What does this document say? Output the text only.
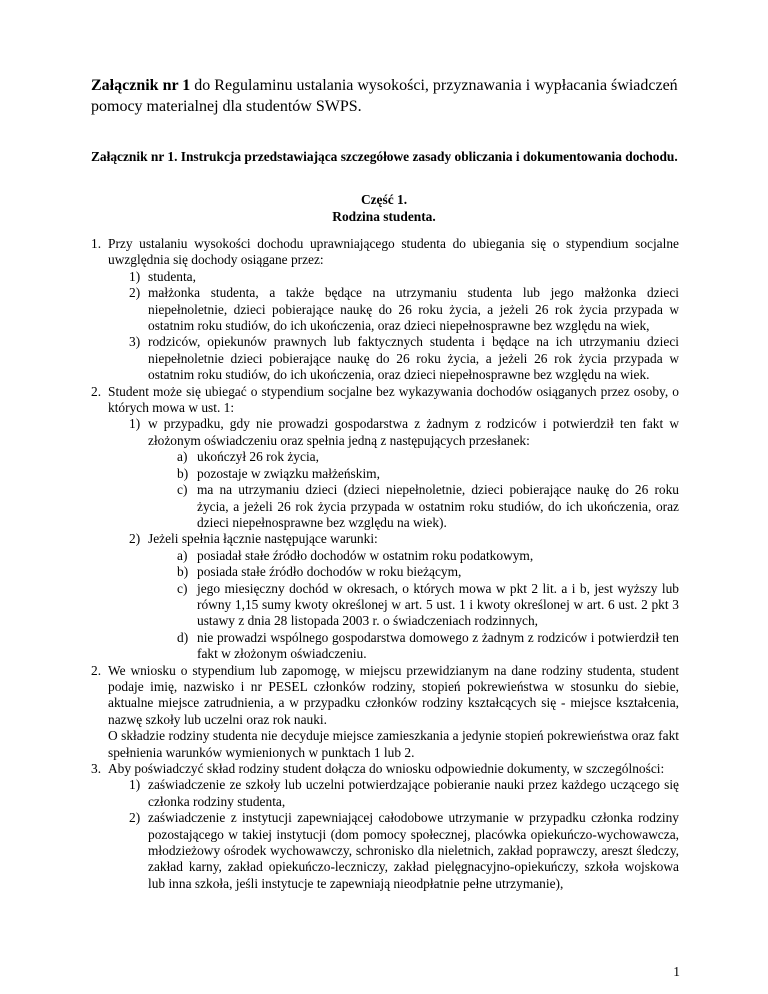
Załącznik nr 1 do Regulaminu ustalania wysokości, przyznawania i wypłacania świadczeń pomocy materialnej dla studentów SWPS.
Załącznik nr 1. Instrukcja przedstawiająca szczegółowe zasady obliczania i dokumentowania dochodu.
Część 1.
Rodzina studenta.
1. Przy ustalaniu wysokości dochodu uprawniającego studenta do ubiegania się o stypendium socjalne uwzględnia się dochody osiągane przez:
1) studenta,
2) małżonka studenta, a także będące na utrzymaniu studenta lub jego małżonka dzieci niepełnoletnie, dzieci pobierające naukę do 26 roku życia, a jeżeli 26 rok życia przypada w ostatnim roku studiów, do ich ukończenia, oraz dzieci niepełnosprawne bez względu na wiek,
3) rodziców, opiekunów prawnych lub faktycznych studenta i będące na ich utrzymaniu dzieci niepełnoletnie dzieci pobierające naukę do 26 roku życia, a jeżeli 26 rok życia przypada w ostatnim roku studiów, do ich ukończenia, oraz dzieci niepełnosprawne bez względu na wiek.
2. Student może się ubiegać o stypendium socjalne bez wykazywania dochodów osiąganych przez osoby, o których mowa w ust. 1:
1) w przypadku, gdy nie prowadzi gospodarstwa z żadnym z rodziców i potwierdził ten fakt w złożonym oświadczeniu oraz spełnia jedną z następujących przesłanek:
a) ukończył 26 rok życia,
b) pozostaje w związku małżeńskim,
c) ma na utrzymaniu dzieci (dzieci niepełnoletnie, dzieci pobierające naukę do 26 roku życia, a jeżeli 26 rok życia przypada w ostatnim roku studiów, do ich ukończenia, oraz dzieci niepełnosprawne bez względu na wiek).
2) Jeżeli spełnia łącznie następujące warunki:
a) posiadał stałe źródło dochodów w ostatnim roku podatkowym,
b) posiada stałe źródło dochodów w roku bieżącym,
c) jego miesięczny dochód w okresach, o których mowa w pkt 2 lit. a i b, jest wyższy lub równy 1,15 sumy kwoty określonej w art. 5 ust. 1 i kwoty określonej w art. 6 ust. 2 pkt 3 ustawy z dnia 28 listopada 2003 r. o świadczeniach rodzinnych,
d) nie prowadzi wspólnego gospodarstwa domowego z żadnym z rodziców i potwierdził ten fakt w złożonym oświadczeniu.
2. We wniosku o stypendium lub zapomogę, w miejscu przewidzianym na dane rodziny studenta, student podaje imię, nazwisko i nr PESEL członków rodziny, stopień pokrewieństwa w stosunku do siebie, aktualne miejsce zatrudnienia, a w przypadku członków rodziny kształcących się - miejsce kształcenia, nazwę szkoły lub uczelni oraz rok nauki.
O składzie rodziny studenta nie decyduje miejsce zamieszkania a jedynie stopień pokrewieństwa oraz fakt spełnienia warunków wymienionych w punktach 1 lub 2.
3. Aby poświadczyć skład rodziny student dołącza do wniosku odpowiednie dokumenty, w szczególności:
1) zaświadczenie ze szkoły lub uczelni potwierdzające pobieranie nauki przez każdego uczącego się członka rodziny studenta,
2) zaświadczenie z instytucji zapewniającej całodobowe utrzymanie w przypadku członka rodziny pozostającego w takiej instytucji (dom pomocy społecznej, placówka opiekuńczo-wychowawcza, młodzieżowy ośrodek wychowawczy, schronisko dla nieletnich, zakład poprawczy, areszt śledczy, zakład karny, zakład opiekuńczo-leczniczy, zakład pielęgnacyjno-opiekuńczy, szkoła wojskowa lub inna szkoła, jeśli instytucje te zapewniają nieodpłatnie pełne utrzymanie),
1
